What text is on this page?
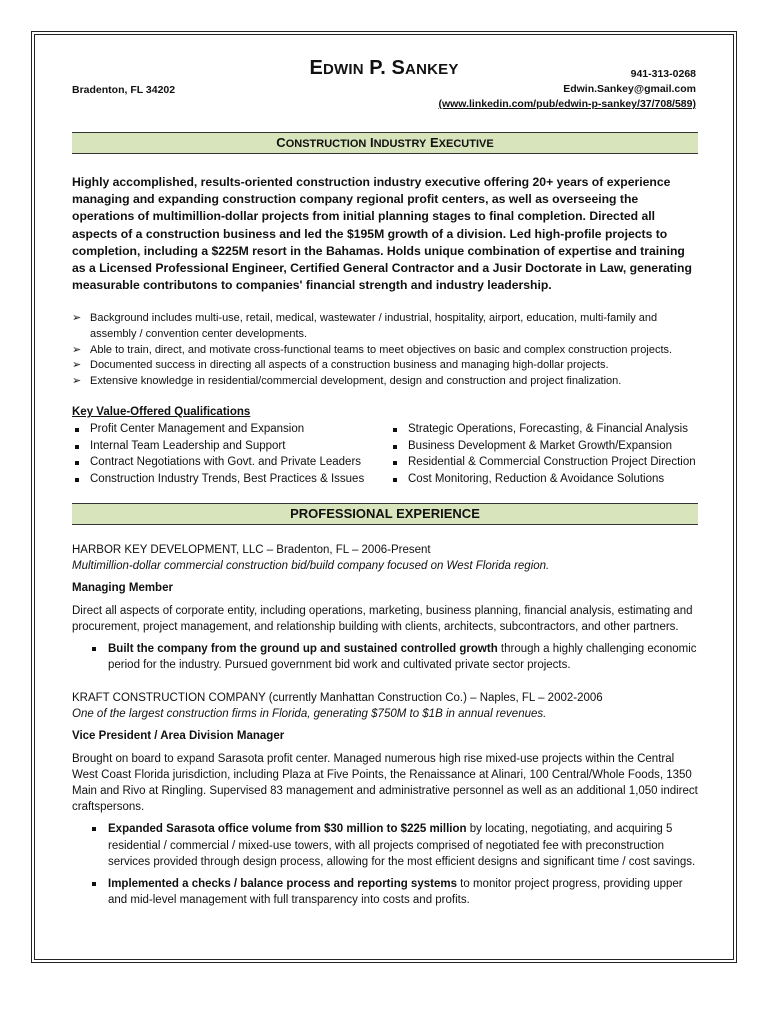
EDWIN P. SANKEY
Bradenton, FL 34202
941-313-0268
Edwin.Sankey@gmail.com
(www.linkedin.com/pub/edwin-p-sankey/37/708/589)
CONSTRUCTION INDUSTRY EXECUTIVE

Highly accomplished, results-oriented construction industry executive offering 20+ years of experience managing and expanding construction company regional profit centers, as well as overseeing the operations of multimillion-dollar projects from initial planning stages to final completion. Directed all aspects of a construction business and led the $195M growth of a division. Led high-profile projects to completion, including a $225M resort in the Bahamas. Holds unique combination of expertise and training as a Licensed Professional Engineer, Certified General Contractor and a Jusir Doctorate in Law, generating measurable contributons to companies' financial strength and industry leadership.

➢ Background includes multi-use, retail, medical, wastewater / industrial, hospitality, airport, education, multi-family and assembly / convention center developments.
➢ Able to train, direct, and motivate cross-functional teams to meet objectives on basic and complex construction projects.
➢ Documented success in directing all aspects of a construction business and managing high-dollar projects.
➢ Extensive knowledge in residential/commercial development, design and construction and project finalization.
Key Value-Offered Qualifications
Profit Center Management and Expansion
Internal Team Leadership and Support
Contract Negotiations with Govt. and Private Leaders
Construction Industry Trends, Best Practices & Issues
Strategic Operations, Forecasting, & Financial Analysis
Business Development & Market Growth/Expansion
Residential & Commercial Construction Project Direction
Cost Monitoring, Reduction & Avoidance Solutions
PROFESSIONAL EXPERIENCE

HARBOR KEY DEVELOPMENT, LLC – Bradenton, FL – 2006-Present

Multimillion-dollar commercial construction bid/build company focused on West Florida region.

Managing Member

Direct all aspects of corporate entity, including operations, marketing, business planning, financial analysis, estimating and procurement, project management, and relationship building with clients, architects, subcontractors, and other partners.

Built the company from the ground up and sustained controlled growth through a highly challenging economic period for the industry. Pursued government bid work and cultivated private sector projects.

KRAFT CONSTRUCTION COMPANY (currently Manhattan Construction Co.) – Naples, FL – 2002-2006

One of the largest construction firms in Florida, generating $750M to $1B in annual revenues.

Vice President / Area Division Manager

Brought on board to expand Sarasota profit center. Managed numerous high rise mixed-use projects within the Central West Coast Florida jurisdiction, including Plaza at Five Points, the Renaissance at Alinari, 100 Central/Whole Foods, 1350 Main and Rivo at Ringling. Supervised 83 management and administrative personnel as well as an additional 1,050 indirect craftspersons.

Expanded Sarasota office volume from $30 million to $225 million by locating, negotiating, and acquiring 5 residential / commercial / mixed-use towers, with all projects comprised of negotiated fee with preconstruction services provided through design process, allowing for the most efficient designs and significant time / cost savings.
Implemented a checks / balance process and reporting systems to monitor project progress, providing upper and mid-level management with full transparency into costs and profits.
